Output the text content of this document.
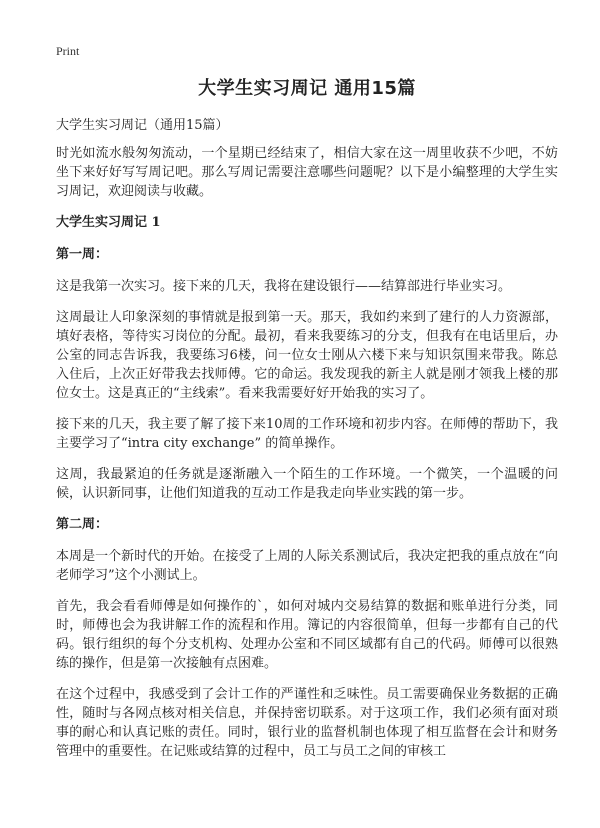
Print
大学生实习周记 通用15篇
大学生实习周记（通用15篇）

时光如流水般匆匆流动，一个星期已经结束了，相信大家在这一周里收获不少吧，不妨坐下来好好写写周记吧。那么写周记需要注意哪些问题呢？以下是小编整理的大学生实习周记，欢迎阅读与收藏。

大学生实习周记 1
第一周：

这是我第一次实习。接下来的几天，我将在建设银行——结算部进行毕业实习。

这周最让人印象深刻的事情就是报到第一天。那天，我如约来到了建行的人力资源部，填好表格，等待实习岗位的分配。最初，看来我要练习的分支，但我有在电话里后，办公室的同志告诉我，我要练习6楼，问一位女士刚从六楼下来与知识氛围来带我。陈总入住后，上次正好带我去找师傅。它的命运。我发现我的新主人就是刚才领我上楼的那位女士。这是真正的“主线索”。看来我需要好好开始我的实习了。

接下来的几天，我主要了解了接下来10周的工作环境和初步内容。在师傅的帮助下，我主要学习了“intra city exchange” 的简单操作。

这周，我最紧迫的任务就是逐渐融入一个陌生的工作环境。一个微笑，一个温暖的问候，认识新同事，让他们知道我的互动工作是我走向毕业实践的第一步。

第二周：

本周是一个新时代的开始。在接受了上周的人际关系测试后，我决定把我的重点放在“向老师学习”这个小测试上。

首先，我会看看师傅是如何操作的`，如何对城内交易结算的数据和账单进行分类，同时，师傅也会为我讲解工作的流程和作用。簿记的内容很简单，但每一步都有自己的代码。银行组织的每个分支机构、处理办公室和不同区域都有自己的代码。师傅可以很熟练的操作，但是第一次接触有点困难。

在这个过程中，我感受到了会计工作的严谨性和乏味性。员工需要确保业务数据的正确性，随时与各网点核对相关信息，并保持密切联系。对于这项工作，我们必须有面对琐事的耐心和认真记账的责任。同时，银行业的监督机制也体现了相互监督在会计和财务管理中的重要性。在记账或结算的过程中，员工与员工之间的审核工
